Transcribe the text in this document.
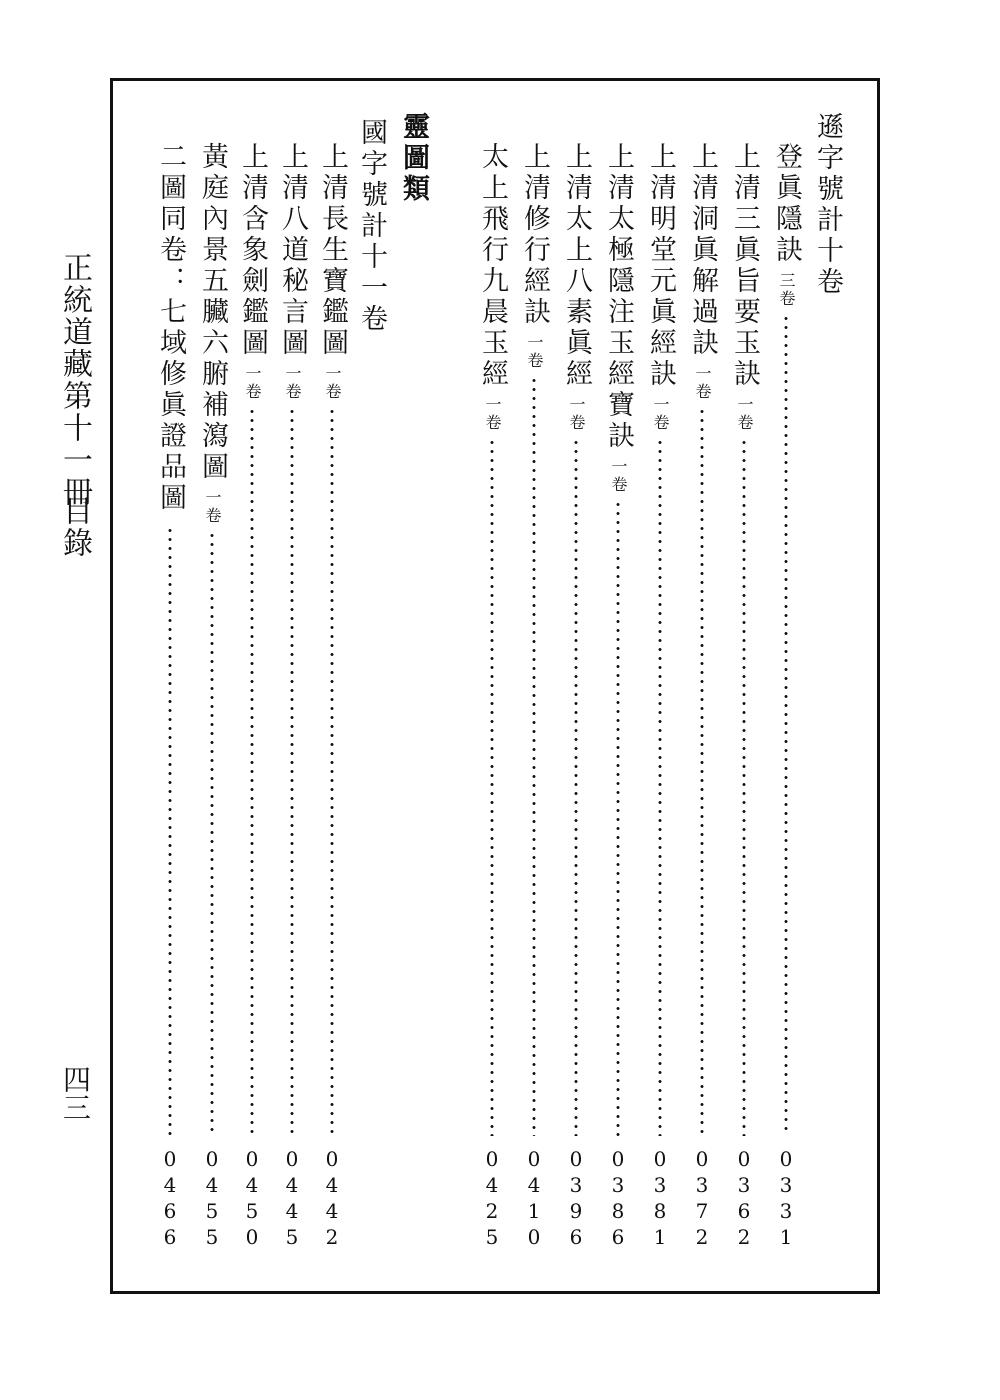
正統道藏第十一冊
目錄
四三
遜字號計十卷
登眞隱訣
三卷
0
3
3
1
上清三眞旨要玉訣
一卷
0
3
6
2
上清洞眞解過訣
一卷
0
3
7
2
上清明堂元眞經訣
一卷
0
3
8
1
上清太極隱注玉經寶訣
一卷
0
3
8
6
上清太上八素眞經
一卷
0
3
9
6
上清修行經訣
一卷
0
4
1
0
太上飛行九晨玉經
一卷
0
4
2
5
靈圖類
國字號計十一卷
上清長生寶鑑圖
一卷
0
4
4
2
上清八道秘言圖
一卷
0
4
4
5
上清含象劍鑑圖
一卷
0
4
5
0
黃庭內景五臟六腑補瀉圖
一卷
0
4
5
5
二圖同卷：七域修眞證品圖
0
4
6
6
